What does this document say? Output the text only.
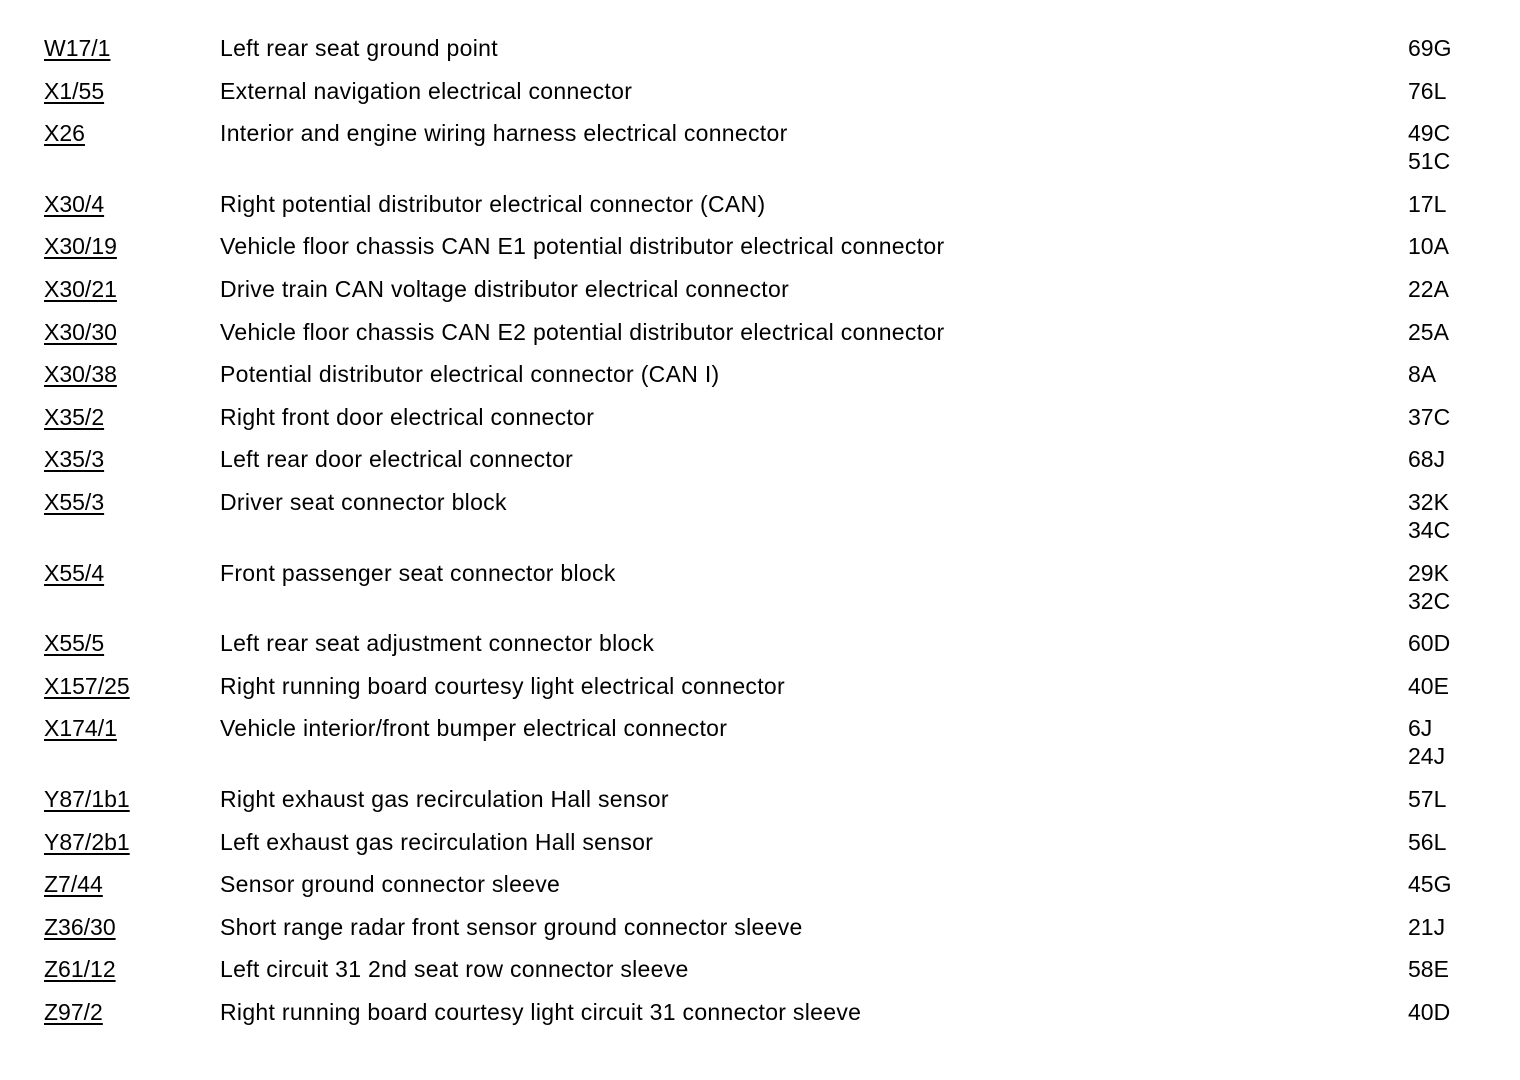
W17/1	Left rear seat ground point	69G
X1/55	External navigation electrical connector	76L
X26	Interior and engine wiring harness electrical connector	49C
51C
X30/4	Right potential distributor electrical connector (CAN)	17L
X30/19	Vehicle floor chassis CAN E1 potential distributor electrical connector	10A
X30/21	Drive train CAN voltage distributor electrical connector	22A
X30/30	Vehicle floor chassis CAN E2 potential distributor electrical connector	25A
X30/38	Potential distributor electrical connector (CAN I)	8A
X35/2	Right front door electrical connector	37C
X35/3	Left rear door electrical connector	68J
X55/3	Driver seat connector block	32K
34C
X55/4	Front passenger seat connector block	29K
32C
X55/5	Left rear seat adjustment connector block	60D
X157/25	Right running board courtesy light electrical connector	40E
X174/1	Vehicle interior/front bumper electrical connector	6J
24J
Y87/1b1	Right exhaust gas recirculation Hall sensor	57L
Y87/2b1	Left exhaust gas recirculation Hall sensor	56L
Z7/44	Sensor ground connector sleeve	45G
Z36/30	Short range radar front sensor ground connector sleeve	21J
Z61/12	Left circuit 31 2nd seat row connector sleeve	58E
Z97/2	Right running board courtesy light circuit 31 connector sleeve	40D
